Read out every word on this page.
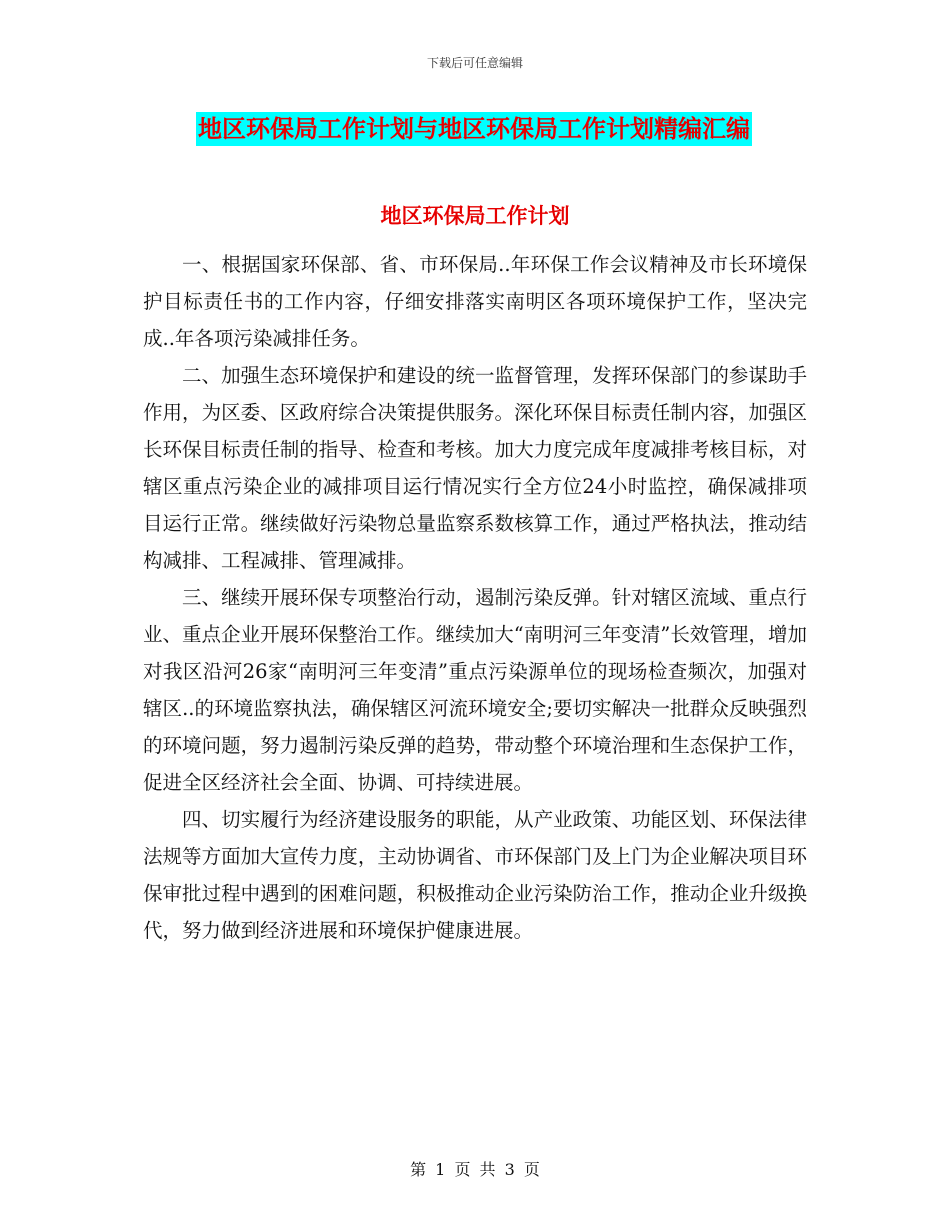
下载后可任意编辑
地区环保局工作计划与地区环保局工作计划精编汇编
地区环保局工作计划

一、根据国家环保部、省、市环保局..年环保工作会议精神及市长环境保护目标责任书的工作内容，仔细安排落实南明区各项环境保护工作，坚决完成..年各项污染减排任务。

二、加强生态环境保护和建设的统一监督管理，发挥环保部门的参谋助手作用，为区委、区政府综合决策提供服务。深化环保目标责任制内容，加强区长环保目标责任制的指导、检查和考核。加大力度完成年度减排考核目标，对辖区重点污染企业的减排项目运行情况实行全方位24小时监控，确保减排项目运行正常。继续做好污染物总量监察系数核算工作，通过严格执法，推动结构减排、工程减排、管理减排。

三、继续开展环保专项整治行动，遏制污染反弹。针对辖区流域、重点行业、重点企业开展环保整治工作。继续加大“南明河三年变清”长效管理，增加对我区沿河26家“南明河三年变清”重点污染源单位的现场检查频次，加强对辖区..的环境监察执法，确保辖区河流环境安全;要切实解决一批群众反映强烈的环境问题，努力遏制污染反弹的趋势，带动整个环境治理和生态保护工作，促进全区经济社会全面、协调、可持续进展。

四、切实履行为经济建设服务的职能，从产业政策、功能区划、环保法律法规等方面加大宣传力度，主动协调省、市环保部门及上门为企业解决项目环保审批过程中遇到的困难问题，积极推动企业污染防治工作，推动企业升级换代，努力做到经济进展和环境保护健康进展。

第 1 页 共 3 页
